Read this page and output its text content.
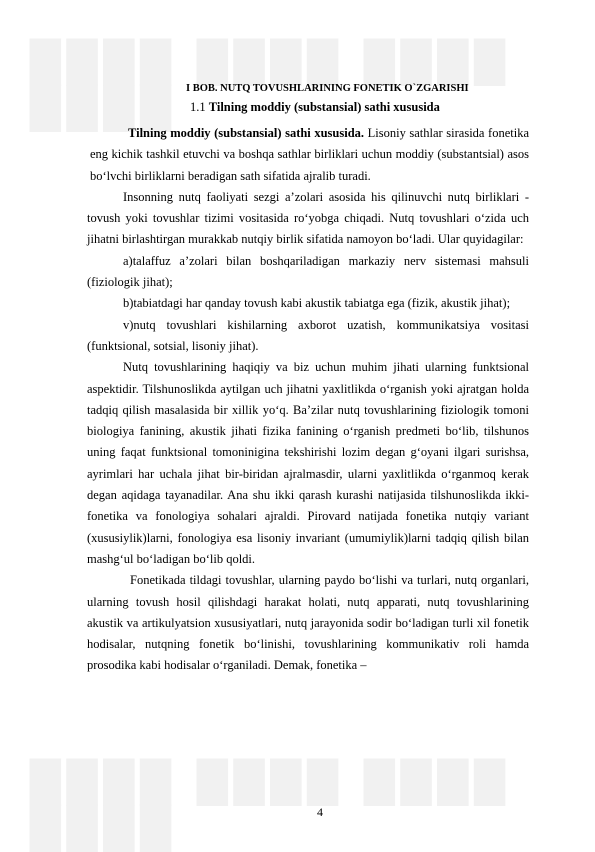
████ ████ ████ ████
████ ████ ████ ████
I BOB. NUTQ TOVUSHLARINING FONETIK O`ZGARISHI
1.1 Tilning moddiy (substansial) sathi xususida

Tilning moddiy (substansial) sathi xususida. Lisoniy sathlar sirasida fonetika eng kichik tashkil etuvchi va boshqa sathlar birliklari uchun moddiy (substantsial) asos bo‘lvchi birliklarni beradigan sath sifatida ajralib turadi.

Insonning nutq faoliyati sezgi a’zolari asosida his qilinuvchi nutq birliklari - tovush yoki tovushlar tizimi vositasida ro‘yobga chiqadi. Nutq tovushlari o‘zida uch jihatni birlashtirgan murakkab nutqiy birlik sifatida namoyon bo‘ladi. Ular quyidagilar:

a)talaffuz a’zolari bilan boshqariladigan markaziy nerv sistemasi mahsuli (fiziologik jihat);

b)tabiatdagi har qanday tovush kabi akustik tabiatga ega (fizik, akustik jihat);

v)nutq tovushlari kishilarning axborot uzatish, kommunikatsiya vositasi (funktsional, sotsial, lisoniy jihat).

Nutq tovushlarining haqiqiy va biz uchun muhim jihati ularning funktsional aspektidir. Tilshunoslikda aytilgan uch jihatni yaxlitlikda o‘rganish yoki ajratgan holda tadqiq qilish masalasida bir xillik yo‘q. Ba’zilar nutq tovushlarining fiziologik tomoni biologiya fanining, akustik jihati fizika fanining o‘rganish predmeti bo‘lib, tilshunos uning faqat funktsional tomoninigina tekshirishi lozim degan g‘oyani ilgari surishsa, ayrimlari har uchala jihat bir-biridan ajralmasdir, ularni yaxlitlikda o‘rganmoq kerak degan aqidaga tayanadilar. Ana shu ikki qarash kurashi natijasida tilshunoslikda ikki-fonetika va fonologiya sohalari ajraldi. Pirovard natijada fonetika nutqiy variant (xususiylik)larni, fonologiya esa lisoniy invariant (umumiylik)larni tadqiq qilish bilan mashg‘ul bo‘ladigan bo‘lib qoldi.

Fonetikada tildagi tovushlar, ularning paydo bo‘lishi va turlari, nutq organlari, ularning tovush hosil qilishdagi harakat holati, nutq apparati, nutq tovushlarining akustik va artikulyatsion xususiyatlari, nutq jarayonida sodir bo‘ladigan turli xil fonetik hodisalar, nutqning fonetik bo‘linishi, tovushlarining kommunikativ roli hamda prosodika kabi hodisalar o‘rganiladi. Demak, fonetika –

4
